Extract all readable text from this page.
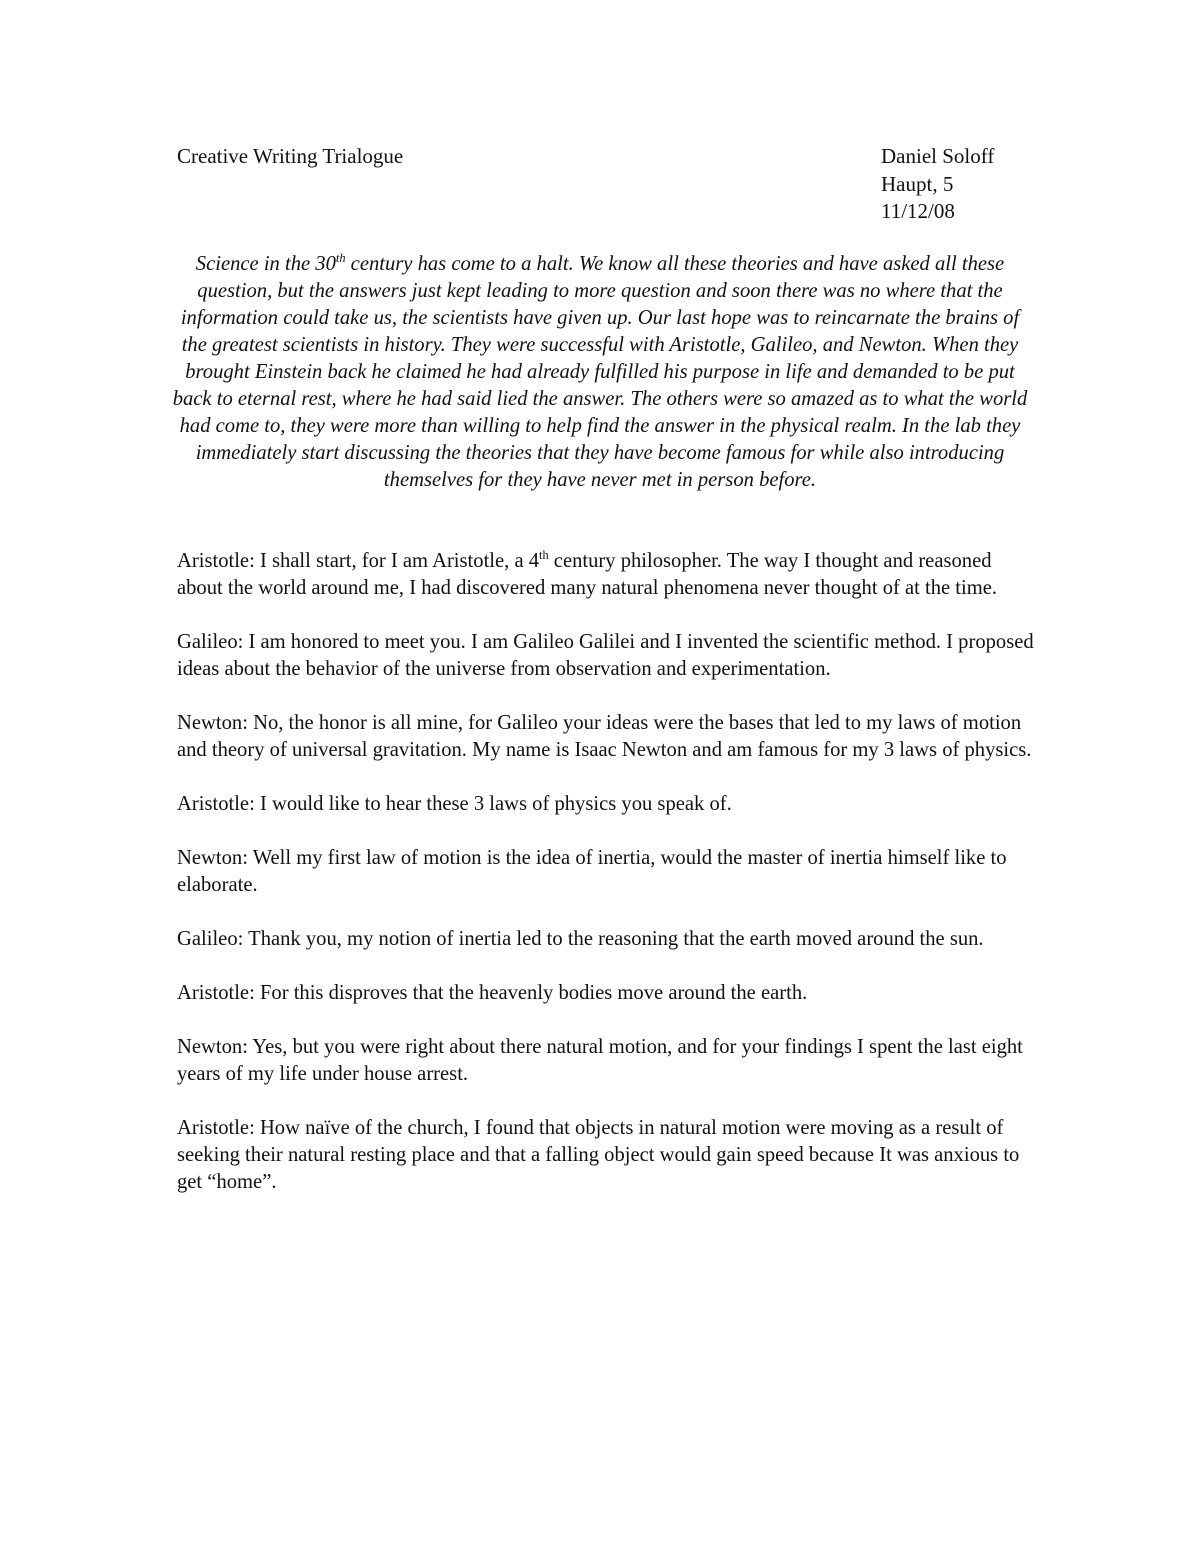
Creative Writing Trialogue	Daniel Soloff
Haupt, 5
11/12/08

Science in the 30th century has come to a halt. We know all these theories and have asked all these question, but the answers just kept leading to more question and soon there was no where that the information could take us, the scientists have given up. Our last hope was to reincarnate the brains of the greatest scientists in history. They were successful with Aristotle, Galileo, and Newton. When they brought Einstein back he claimed he had already fulfilled his purpose in life and demanded to be put back to eternal rest, where he had said lied the answer. The others were so amazed as to what the world had come to, they were more than willing to help find the answer in the physical realm. In the lab they immediately start discussing the theories that they have become famous for while also introducing themselves for they have never met in person before.

Aristotle: I shall start, for I am Aristotle, a 4th century philosopher. The way I thought and reasoned about the world around me, I had discovered many natural phenomena never thought of at the time.

Galileo: I am honored to meet you. I am Galileo Galilei and I invented the scientific method. I proposed ideas about the behavior of the universe from observation and experimentation.

Newton: No, the honor is all mine, for Galileo your ideas were the bases that led to my laws of motion and theory of universal gravitation. My name is Isaac Newton and am famous for my 3 laws of physics.

Aristotle: I would like to hear these 3 laws of physics you speak of.

Newton: Well my first law of motion is the idea of inertia, would the master of inertia himself like to elaborate.

Galileo: Thank you, my notion of inertia led to the reasoning that the earth moved around the sun.

Aristotle: For this disproves that the heavenly bodies move around the earth.

Newton: Yes, but you were right about there natural motion, and for your findings I spent the last eight years of my life under house arrest.

Aristotle: How naïve of the church, I found that objects in natural motion were moving as a result of seeking their natural resting place and that a falling object would gain speed because It was anxious to get “home”.
